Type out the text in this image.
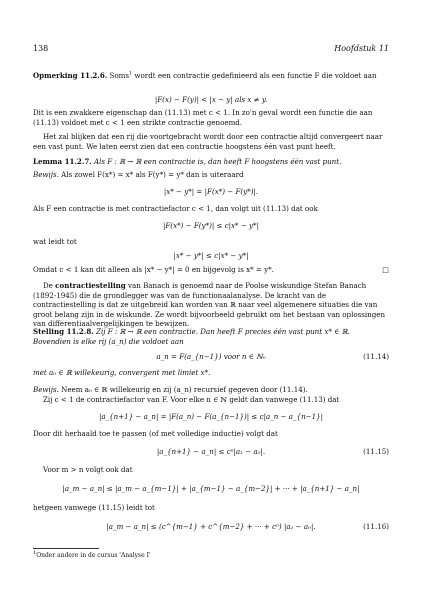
138	Hoofdstuk 11

Opmerking 11.2.6. Soms$^1$ wordt een contractie gedefinieerd als een functie F die voldoet aan

|F(x) − F(y)| < |x − y| als x ≠ y.

Dit is een zwakkere eigenschap dan (11.13) met c < 1. In zo'n geval wordt een functie die aan (11.13) voldoet met c < 1 een strikte contractie genoemd.

Het zal blijken dat een rij die voortgebracht wordt door een contractie altijd convergeert naar een vast punt. We laten eerst zien dat een contractie hoogstens één vast punt heeft.

Lemma 11.2.7. Als F : ℝ → ℝ een contractie is, dan heeft F hoogstens één vast punt.

Bewijs. Als zowel F(x*) = x* als F(y*) = y* dan is uiteraard

|x* − y*| = |F(x*) − F(y*)|.

Als F een contractie is met contractiefactor c < 1, dan volgt uit (11.13) dat ook

|F(x*) − F(y*)| ≤ c|x* − y*|

wat leidt tot

|x* − y*| ≤ c|x* − y*|

Omdat c < 1 kan dit alleen als |x* − y*| = 0 en bijgevolg is x* = y*.	□

De contractiestelling van Banach is genoemd naar de Poolse wiskundige Stefan Banach (1892-1945) die de grondlegger was van de functionaalanalyse. De kracht van de contractiestelling is dat ze uitgebreid kan worden van ℝ naar veel algemenere situaties die van groot belang zijn in de wiskunde. Ze wordt bijvoorbeeld gebruikt om het bestaan van oplossingen van differentiaalvergelijkingen te bewijzen.

Stelling 11.2.8. Zij F : ℝ → ℝ een contractie. Dan heeft F precies één vast punt x* ∈ ℝ. Bovendien is elke rij (a_n) die voldoet aan

a_n = F(a_{n−1}) voor n ∈ ℕ₀	(11.14)

met a₀ ∈ ℝ willekeurig, convergent met limiet x*.

Bewijs. Neem a₀ ∈ ℝ willekeurig en zij (a_n) recursief gegeven door (11.14).

Zij c < 1 de contractiefactor van F. Voor elke n ∈ ℕ geldt dan vanwege (11.13) dat

|a_{n+1} − a_n| = |F(a_n) − F(a_{n−1})| ≤ c|a_n − a_{n−1}|

Door dit herhaald toe te passen (of met volledige inductie) volgt dat

|a_{n+1} − a_n| ≤ cⁿ|a₁ − a₀|.	(11.15)

Voor m > n volgt ook dat

|a_m − a_n| ≤ |a_m − a_{m−1}| + |a_{m−1} − a_{m−2}| + ··· + |a_{n+1} − a_n|

hetgeen vanwege (11.15) leidt tot

|a_m − a_n| ≤ (c^{m−1} + c^{m−2} + ··· + cⁿ) |a₁ − a₀|.	(11.16)
$^1$Onder andere in de cursus 'Analyse I'
